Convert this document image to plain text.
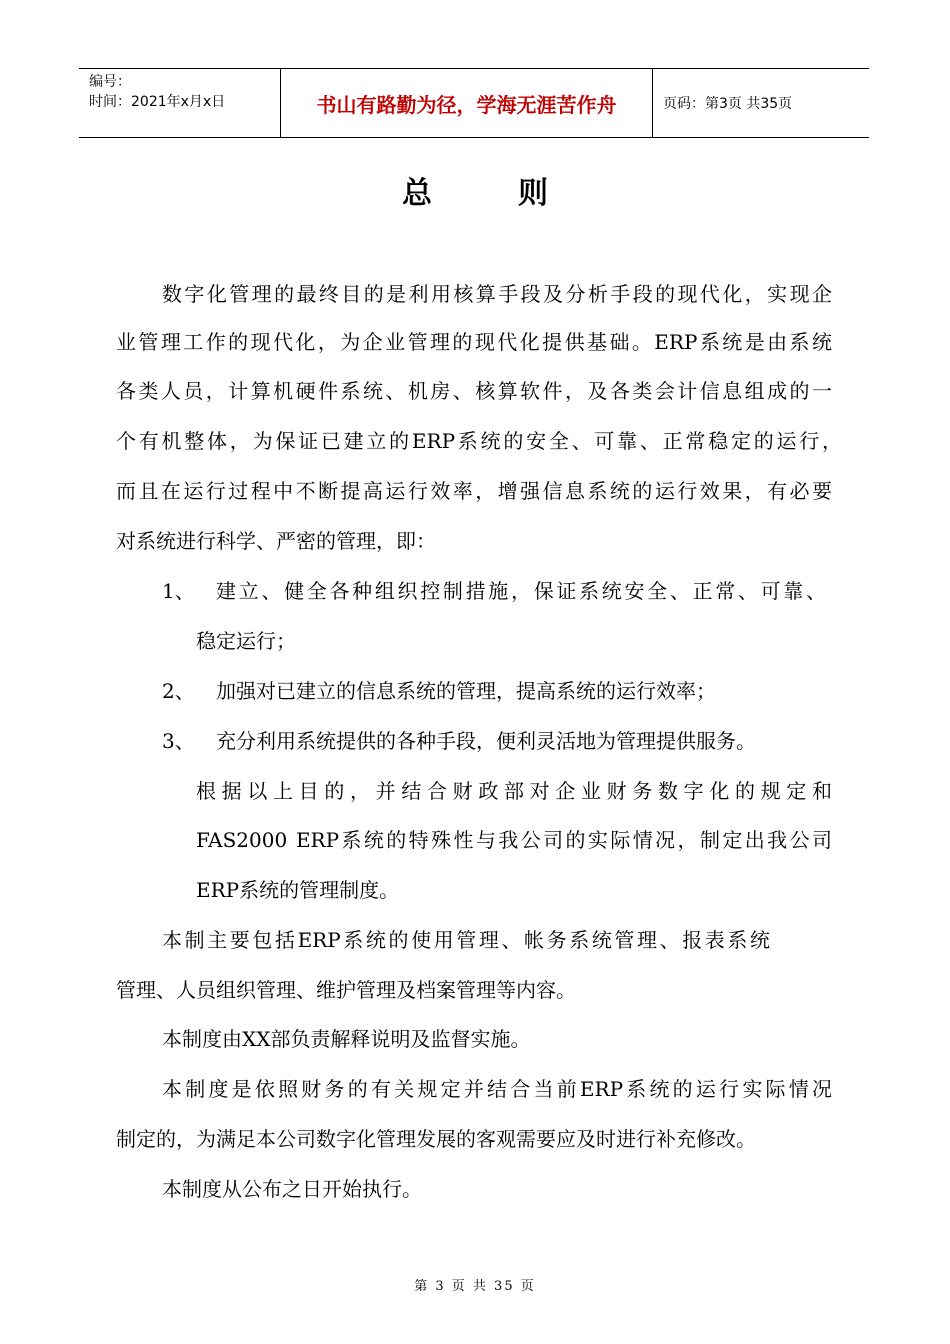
编号：
时间：2021年x月x日	书山有路勤为径，学海无涯苦作舟	页码：第3页 共35页
总则
数字化管理的最终目的是利用核算手段及分析手段的现代化，实现企
业管理工作的现代化，为企业管理的现代化提供基础。ERP系统是由系统
各类人员，计算机硬件系统、机房、核算软件，及各类会计信息组成的一
个有机整体，为保证已建立的ERP系统的安全、可靠、正常稳定的运行，
而且在运行过程中不断提高运行效率，增强信息系统的运行效果，有必要
对系统进行科学、严密的管理，即：
1、 建立、健全各种组织控制措施，保证系统安全、正常、可靠、
稳定运行；
2、 加强对已建立的信息系统的管理，提高系统的运行效率；
3、 充分利用系统提供的各种手段，便利灵活地为管理提供服务。
根据以上目的，并结合财政部对企业财务数字化的规定和
FAS2000 ERP系统的特殊性与我公司的实际情况，制定出我公司
ERP系统的管理制度。
本制主要包括ERP系统的使用管理、帐务系统管理、报表系统
管理、人员组织管理、维护管理及档案管理等内容。
本制度由XX部负责解释说明及监督实施。
本制度是依照财务的有关规定并结合当前ERP系统的运行实际情况
制定的，为满足本公司数字化管理发展的客观需要应及时进行补充修改。
本制度从公布之日开始执行。
第 3 页 共 35 页
